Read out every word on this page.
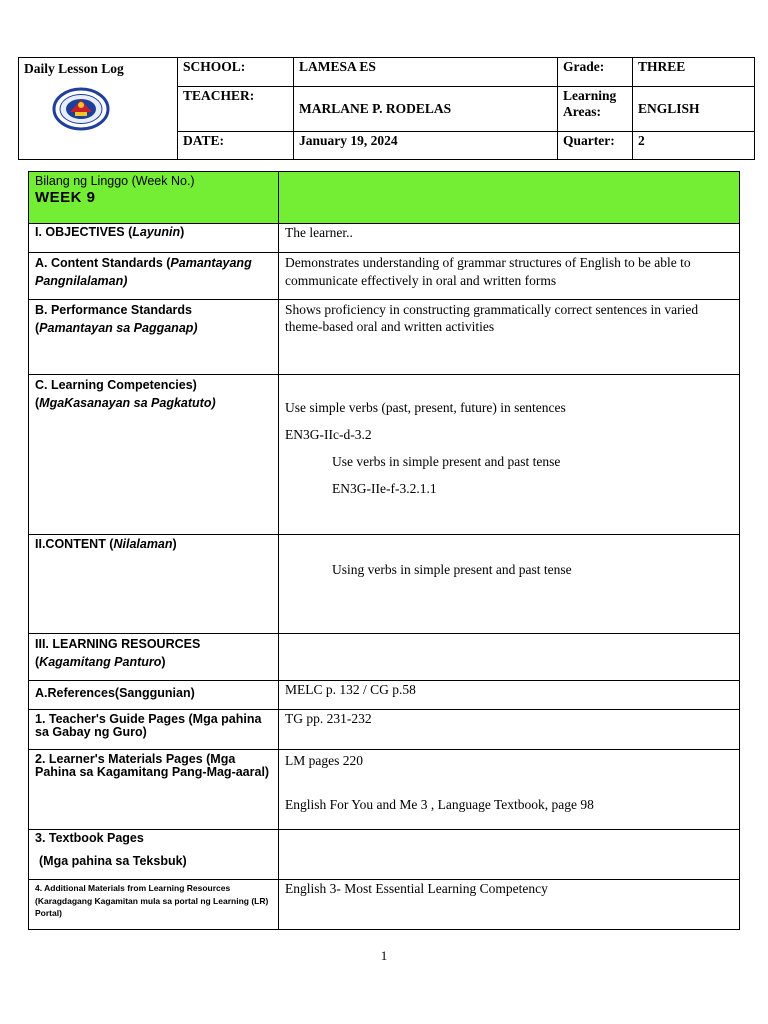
Daily Lesson Log	SCHOOL:	LAMESA ES	Grade:	THREE
	TEACHER:	MARLANE P. RODELAS	Learning Areas:	ENGLISH
	DATE:	January 19, 2024	Quarter:	2
Bilang ng Linggo (Week No.)
WEEK 9	

I. OBJECTIVES (Layunin)	The learner..
A. Content Standards (Pamantayang Pangnilalaman)	Demonstrates understanding of grammar structures of English to be able to communicate effectively in oral and written forms
B. Performance Standards
(Pamantayan sa Pagganap)	Shows proficiency in constructing grammatically correct sentences in varied theme-based oral and written activities
C. Learning Competencies)
(MgaKasanayan sa Pagkatuto)	Use simple verbs (past, present, future) in sentences
EN3G-IIc-d-3.2
Use verbs in simple present and past tense
EN3G-IIe-f-3.2.1.1

II.CONTENT (Nilalaman)	Using verbs in simple present and past tense

III. LEARNING RESOURCES (Kagamitang Panturo)	
A.References(Sanggunian)	MELC p. 132 / CG p.58
1. Teacher's Guide Pages (Mga pahina sa Gabay ng Guro)	TG pp. 231-232
2. Learner's Materials Pages (Mga Pahina sa Kagamitang Pang-Mag-aaral)	LM pages 220
English For You and Me 3 , Language Textbook, page 98

3. Textbook Pages
(Mga pahina sa Teksbuk)	

4. Additional Materials from Learning Resources (Karagdagang Kagamitan mula sa portal ng Learning (LR) Portal)	English 3- Most Essential Learning Competency
1
